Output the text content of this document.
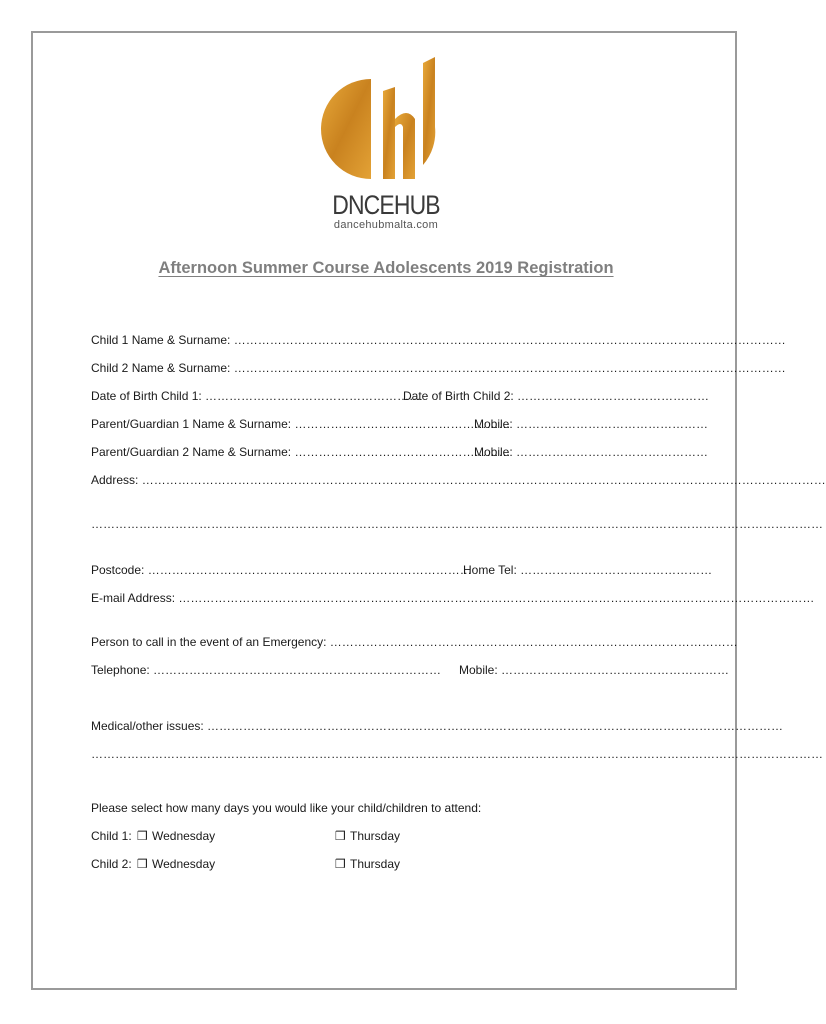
DNCEHUB
dancehubmalta.com
Afternoon Summer Course Adolescents 2019 Registration
Child 1 Name & Surname: …………………………………………………………………………………………………………………………
Child 2 Name & Surname: …………………………………………………………………………………………………………………………
Date of Birth Child 1: ………………………………………………
Date of Birth Child 2: …………………………………………
Parent/Guardian 1 Name & Surname: ………………………………………………
Mobile: …………………………………………
Parent/Guardian 2 Name & Surname: ………………………………………………
Mobile: …………………………………………
Address: ………………………………………………………………………………………………………………………………………………………
…………………………………………………………………………………………………………………………………………………………………
Postcode: ………………………………………………………………………
Home Tel: …………………………………………
E-mail Address: ……………………………………………………………………………………………………………………………………………
Person to call in the event of an Emergency: …………………………………………………………………………………………
Telephone: ……………………………………………………………… Mobile: …………………………………………………
Medical/other issues: ………………………………………………………………………………………………………………………………
…………………………………………………………………………………………………………………………………………………………………
Please select how many days you would like your child/children to attend:
Child 1: ❒ Wednesday	❒ Thursday
Child 2: ❒ Wednesday	❒ Thursday
